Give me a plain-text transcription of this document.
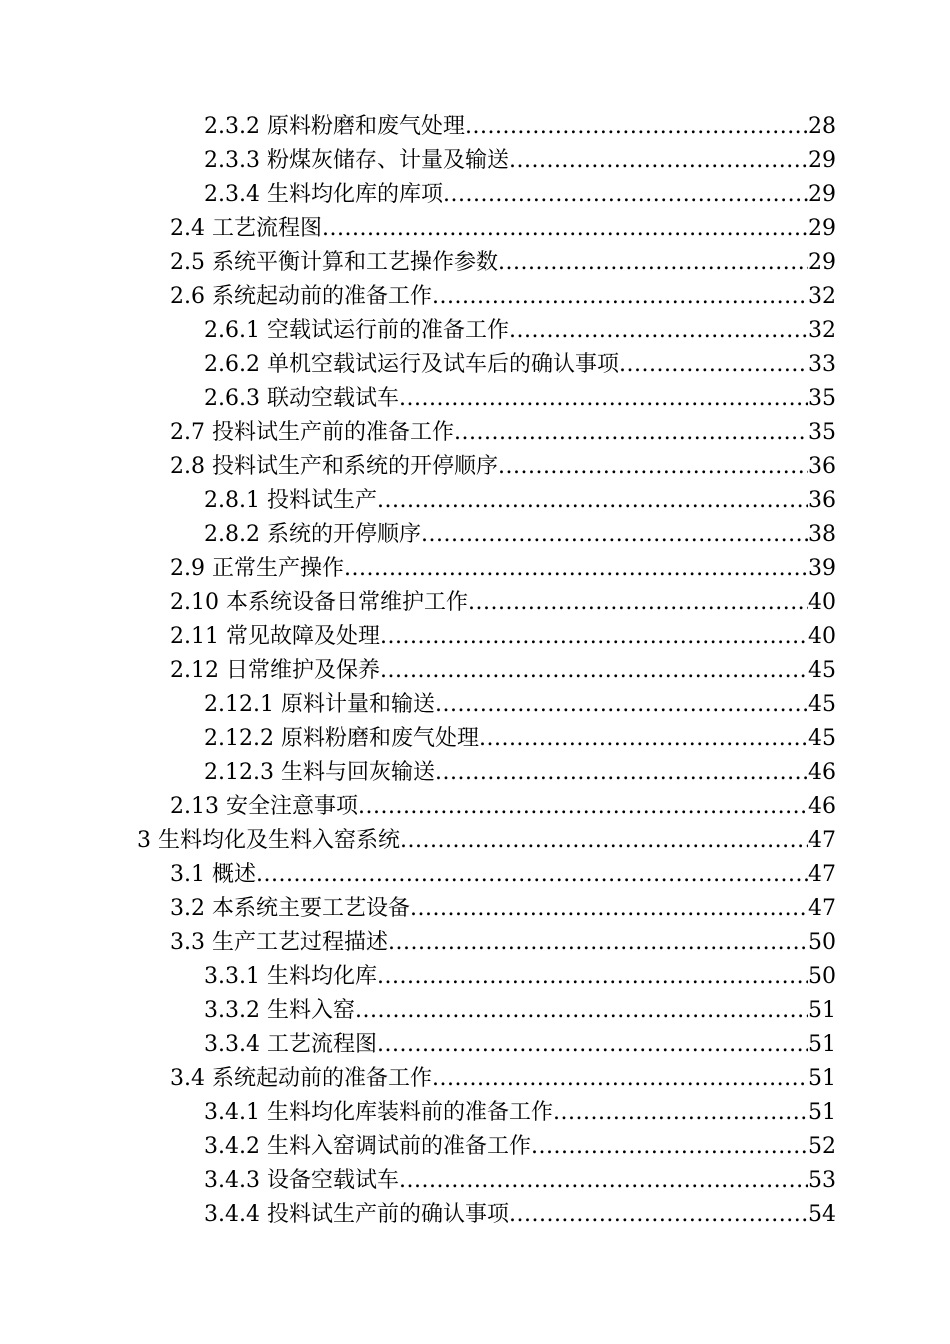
2.3.2 原料粉磨和废气处理 .....	28
2.3.3 粉煤灰储存、计量及输送 .....	29
2.3.4 生料均化库的库项 .....	29
2.4 工艺流程图 .....	29
2.5 系统平衡计算和工艺操作参数 .....	29
2.6 系统起动前的准备工作 .....	32
2.6.1 空载试运行前的准备工作 .....	32
2.6.2 单机空载试运行及试车后的确认事项 .....	33
2.6.3 联动空载试车 .....	35
2.7 投料试生产前的准备工作 .....	35
2.8 投料试生产和系统的开停顺序 .....	36
2.8.1 投料试生产 .....	36
2.8.2 系统的开停顺序 .....	38
2.9 正常生产操作 .....	39
2.10 本系统设备日常维护工作 .....	40
2.11 常见故障及处理 .....	40
2.12 日常维护及保养 .....	45
2.12.1 原料计量和输送 .....	45
2.12.2 原料粉磨和废气处理 .....	45
2.12.3 生料与回灰输送 .....	46
2.13 安全注意事项 .....	46
3 生料均化及生料入窑系统 .....	47
3.1 概述 .....	47
3.2 本系统主要工艺设备 .....	47
3.3 生产工艺过程描述 .....	50
3.3.1 生料均化库 .....	50
3.3.2 生料入窑 .....	51
3.3.4 工艺流程图 .....	51
3.4 系统起动前的准备工作 .....	51
3.4.1 生料均化库装料前的准备工作 .....	51
3.4.2 生料入窑调试前的准备工作 .....	52
3.4.3 设备空载试车 .....	53
3.4.4 投料试生产前的确认事项 .....	54
